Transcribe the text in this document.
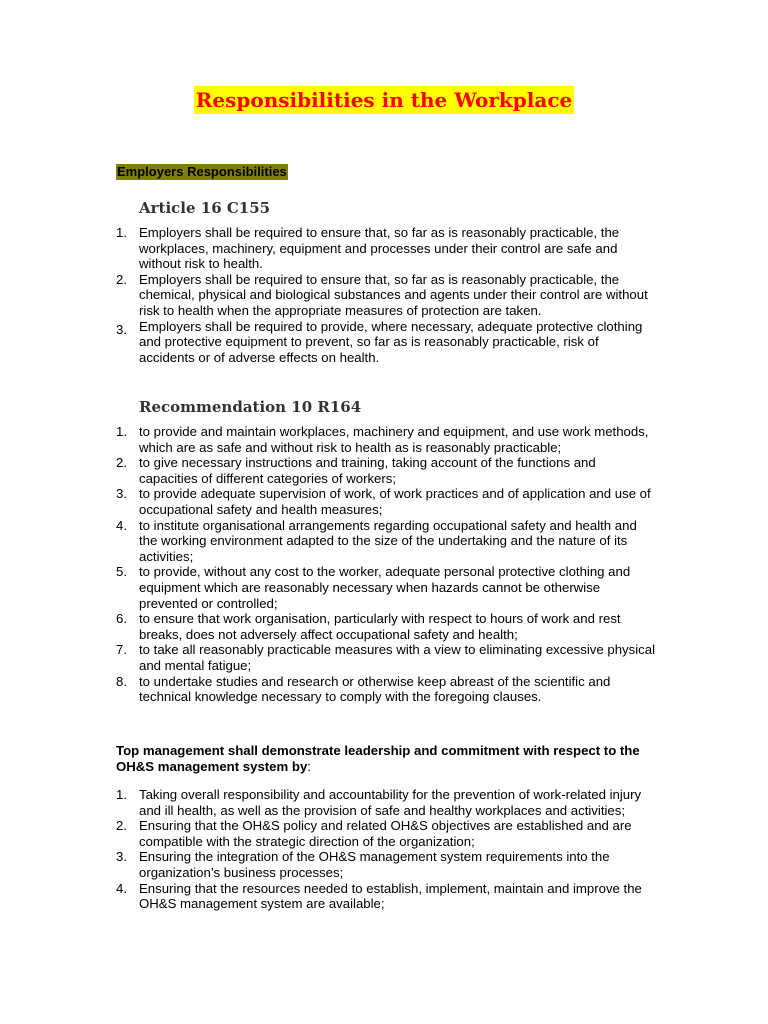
Responsibilities in the Workplace
Employers Responsibilities
Article 16 C155
1. Employers shall be required to ensure that, so far as is reasonably practicable, the workplaces, machinery, equipment and processes under their control are safe and without risk to health.
2. Employers shall be required to ensure that, so far as is reasonably practicable, the chemical, physical and biological substances and agents under their control are without risk to health when the appropriate measures of protection are taken.
3. Employers shall be required to provide, where necessary, adequate protective clothing and protective equipment to prevent, so far as is reasonably practicable, risk of accidents or of adverse effects on health.
Recommendation 10 R164
1. to provide and maintain workplaces, machinery and equipment, and use work methods, which are as safe and without risk to health as is reasonably practicable;
2. to give necessary instructions and training, taking account of the functions and capacities of different categories of workers;
3. to provide adequate supervision of work, of work practices and of application and use of occupational safety and health measures;
4. to institute organisational arrangements regarding occupational safety and health and the working environment adapted to the size of the undertaking and the nature of its activities;
5. to provide, without any cost to the worker, adequate personal protective clothing and equipment which are reasonably necessary when hazards cannot be otherwise prevented or controlled;
6. to ensure that work organisation, particularly with respect to hours of work and rest breaks, does not adversely affect occupational safety and health;
7. to take all reasonably practicable measures with a view to eliminating excessive physical and mental fatigue;
8. to undertake studies and research or otherwise keep abreast of the scientific and technical knowledge necessary to comply with the foregoing clauses.
Top management shall demonstrate leadership and commitment with respect to the OH&S management system by:
1. Taking overall responsibility and accountability for the prevention of work-related injury and ill health, as well as the provision of safe and healthy workplaces and activities;
2. Ensuring that the OH&S policy and related OH&S objectives are established and are compatible with the strategic direction of the organization;
3. Ensuring the integration of the OH&S management system requirements into the organization’s business processes;
4. Ensuring that the resources needed to establish, implement, maintain and improve the OH&S management system are available;
